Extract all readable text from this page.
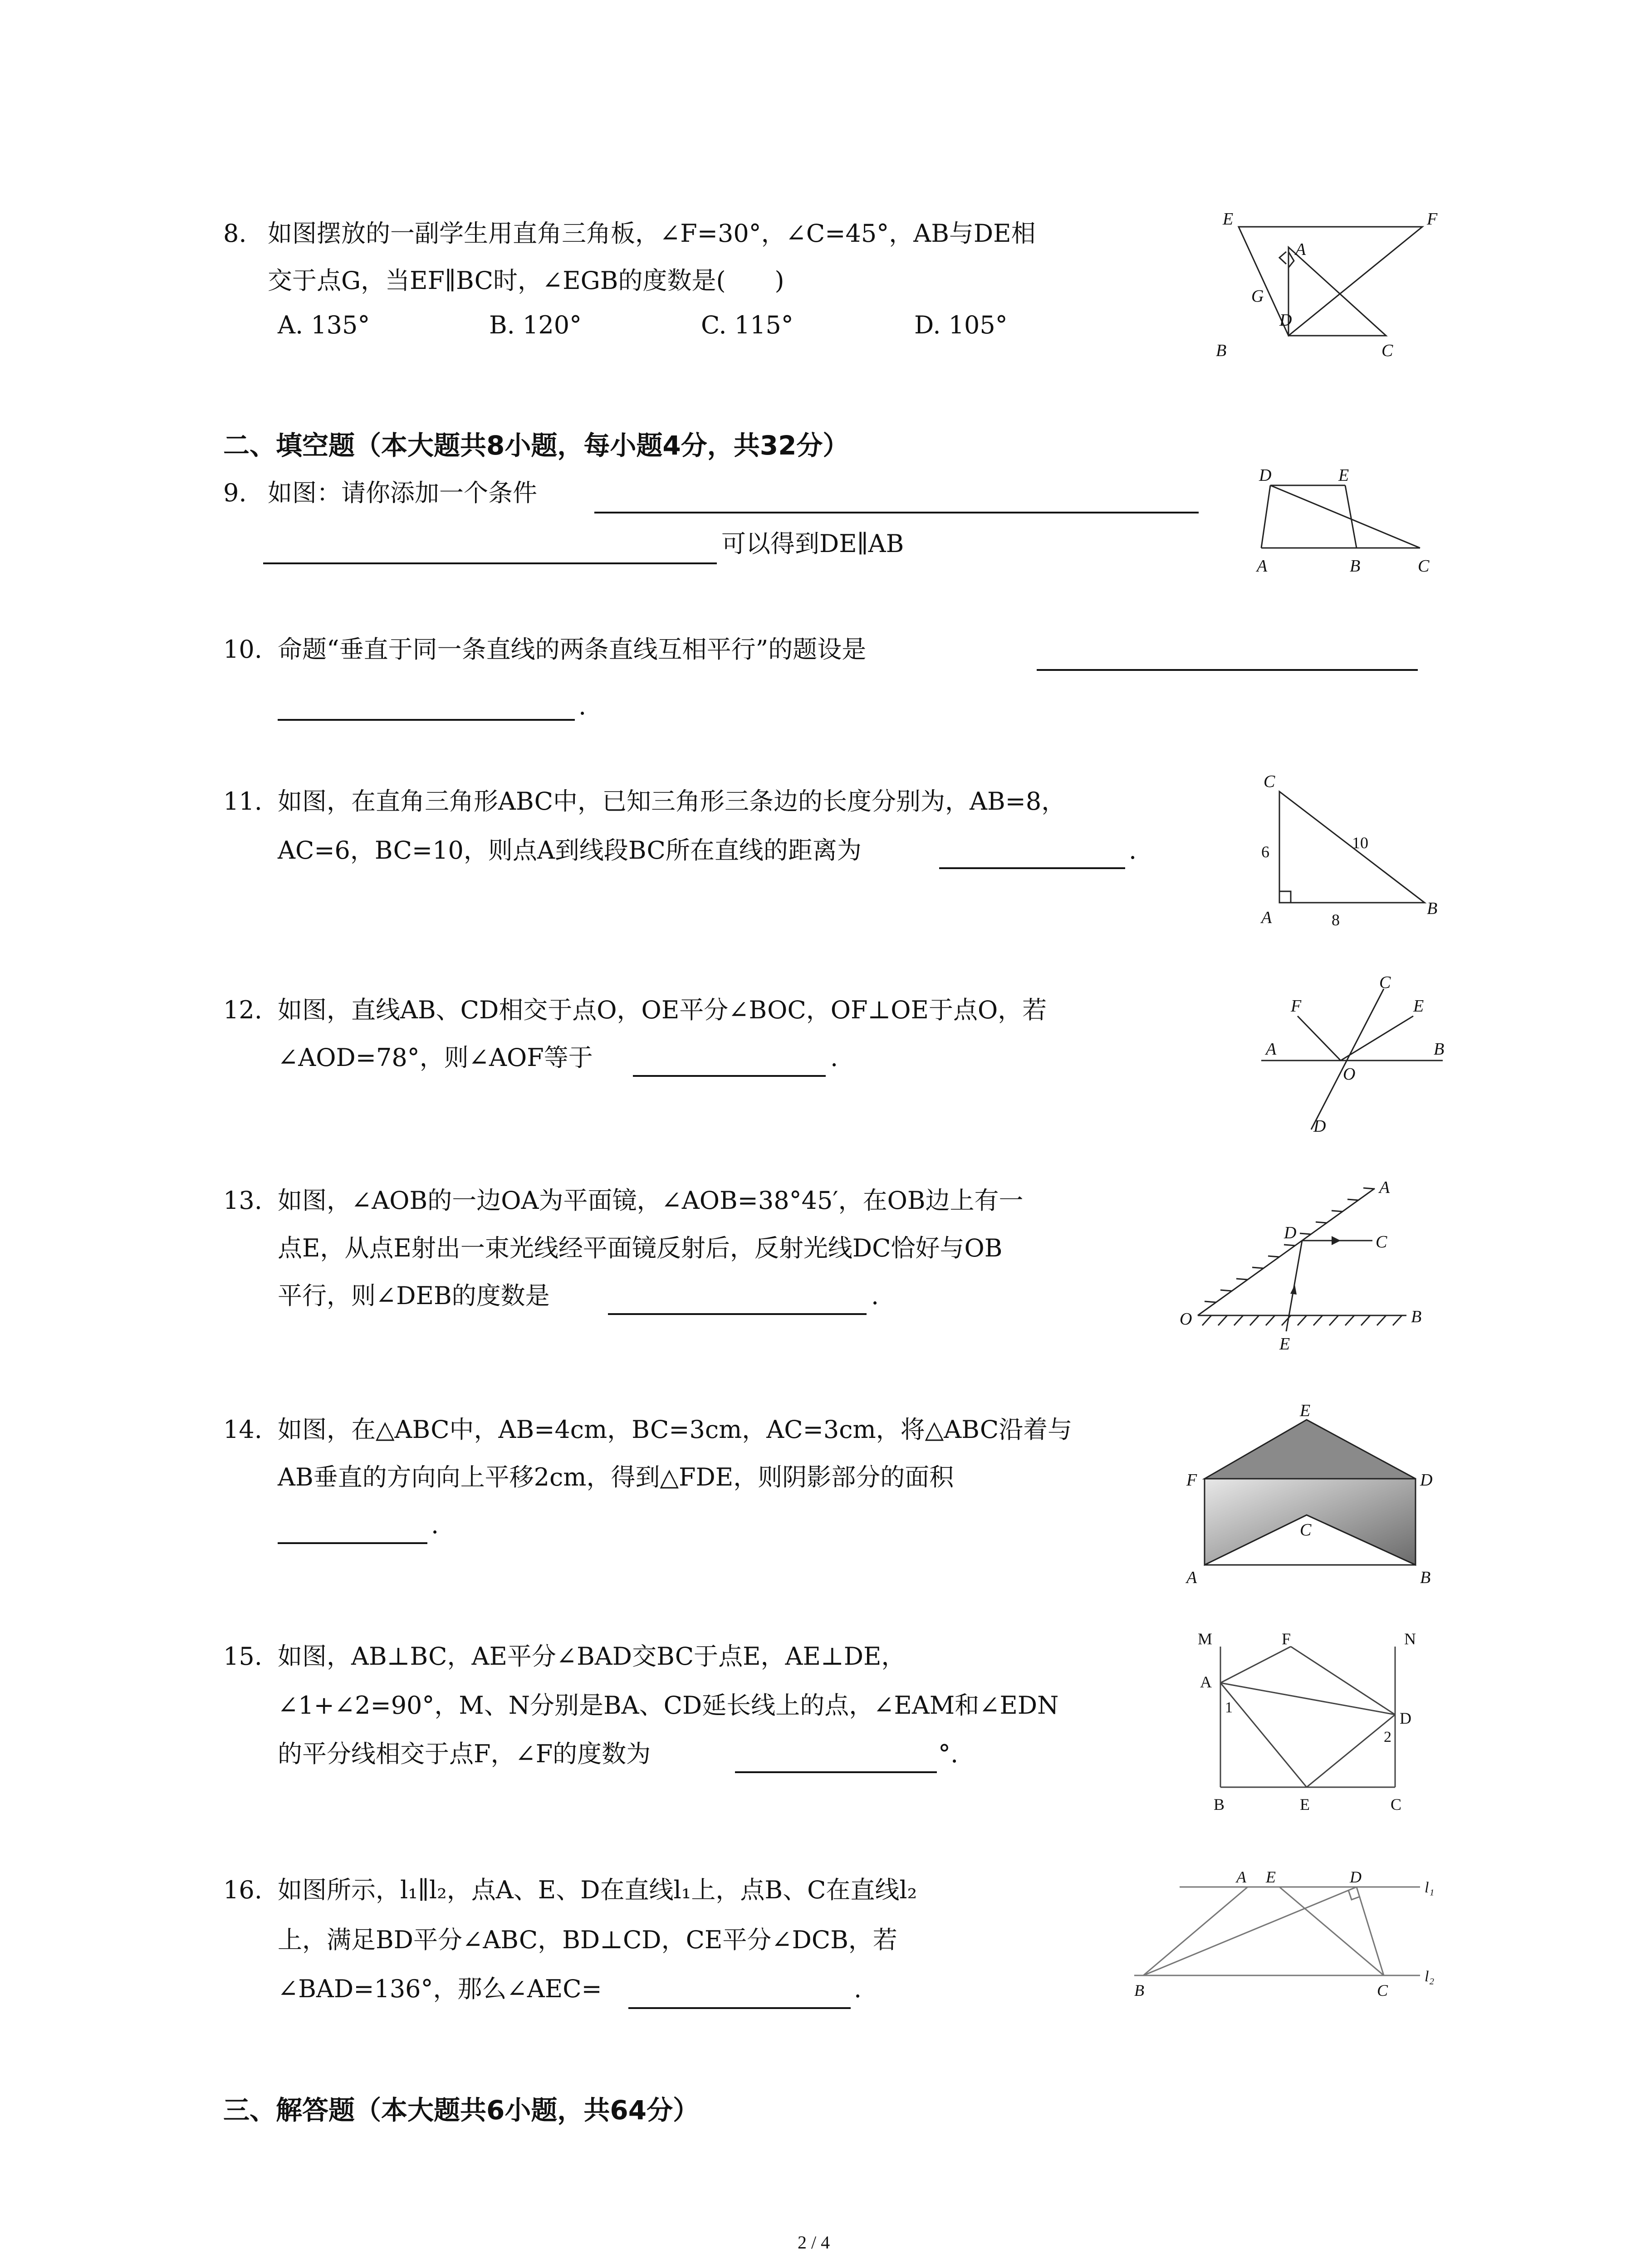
8. 如图摆放的一副学生用直角三角板，∠F=30°，∠C=45°，AB与DE相
交于点G，当EF∥BC时，∠EGB的度数是(　　)
A. 135°	B. 120°	C. 115°	D. 105°
E	F
A
G
D
B	C
二、填空题（本大题共8小题，每小题4分，共32分）
9. 如图：请你添加一个条件
可以得到DE∥AB
D	E
A	B	C
10. 命题“垂直于同一条直线的两条直线互相平行”的题设是
.
11. 如图，在直角三角形ABC中，已知三角形三条边的长度分别为，AB=8，
AC=6，BC=10，则点A到线段BC所在直线的距离为	.
C
10
6
A	8
B
12. 如图，直线AB、CD相交于点O，OE平分∠BOC，OF⊥OE于点O，若
∠AOD=78°，则∠AOF等于	.
F
C
E
A	B
O
D
13. 如图，∠AOB的一边OA为平面镜，∠AOB=38°45′，在OB边上有一
点E，从点E射出一束光线经平面镜反射后，反射光线DC恰好与OB
平行，则∠DEB的度数是	.
A
D	C
O
E
B
14. 如图，在△ABC中，AB=4cm，BC=3cm，AC=3cm，将△ABC沿着与
AB垂直的方向向上平移2cm，得到△FDE，则阴影部分的面积
.
E
F	D
C
A	B
15. 如图，AB⊥BC，AE平分∠BAD交BC于点E，AE⊥DE，
∠1+∠2=90°，M、N分别是BA、CD延长线上的点，∠EAM和∠EDN
的平分线相交于点F，∠F的度数为	°.
M	F	N
A
1
D
2
B	E	C
16. 如图所示，l₁∥l₂，点A、E、D在直线l₁上，点B、C在直线l₂
上，满足BD平分∠ABC，BD⊥CD，CE平分∠DCB，若
∠BAD=136°，那么∠AEC=	.
A E	D
l₁
B	C
l₂
三、解答题（本大题共6小题，共64分）
2 / 4
